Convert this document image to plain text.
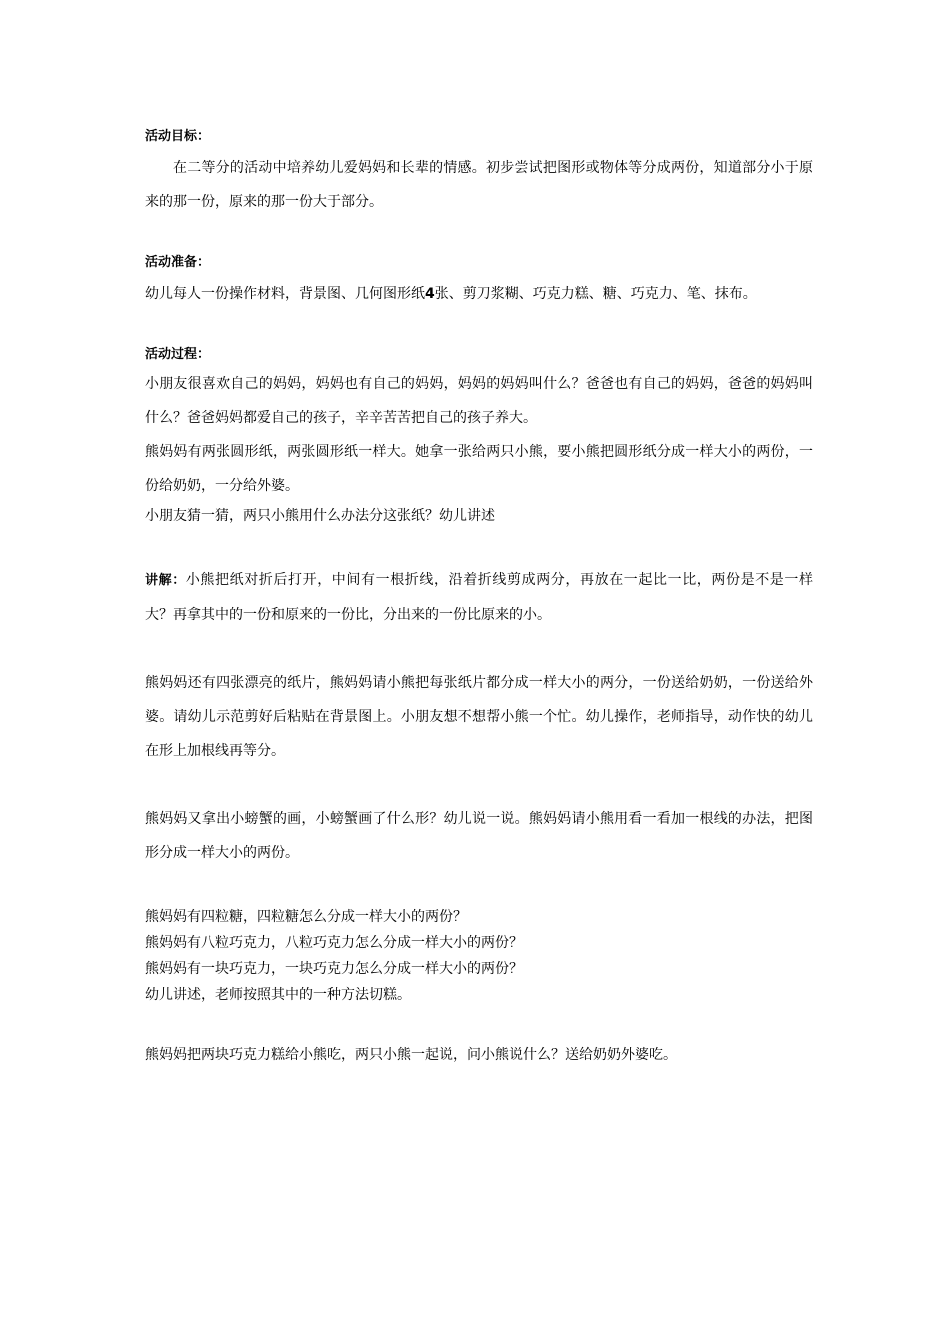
活动目标：

在二等分的活动中培养幼儿爱妈妈和长辈的情感。初步尝试把图形或物体等分成两份，知道部分小于原来的那一份，原来的那一份大于部分。

活动准备：

幼儿每人一份操作材料，背景图、几何图形纸4张、剪刀浆糊、巧克力糕、糖、巧克力、笔、抹布。

活动过程：

小朋友很喜欢自己的妈妈，妈妈也有自己的妈妈，妈妈的妈妈叫什么？爸爸也有自己的妈妈，爸爸的妈妈叫什么？爸爸妈妈都爱自己的孩子，辛辛苦苦把自己的孩子养大。

熊妈妈有两张圆形纸，两张圆形纸一样大。她拿一张给两只小熊，要小熊把圆形纸分成一样大小的两份，一份给奶奶，一分给外婆。

小朋友猜一猜，两只小熊用什么办法分这张纸？幼儿讲述

讲解：小熊把纸对折后打开，中间有一根折线，沿着折线剪成两分，再放在一起比一比，两份是不是一样大？再拿其中的一份和原来的一份比，分出来的一份比原来的小。

熊妈妈还有四张漂亮的纸片，熊妈妈请小熊把每张纸片都分成一样大小的两分，一份送给奶奶，一份送给外婆。请幼儿示范剪好后粘贴在背景图上。小朋友想不想帮小熊一个忙。幼儿操作，老师指导，动作快的幼儿在形上加根线再等分。

熊妈妈又拿出小螃蟹的画，小螃蟹画了什么形？幼儿说一说。熊妈妈请小熊用看一看加一根线的办法，把图形分成一样大小的两份。

熊妈妈有四粒糖，四粒糖怎么分成一样大小的两份？

熊妈妈有八粒巧克力，八粒巧克力怎么分成一样大小的两份？

熊妈妈有一块巧克力，一块巧克力怎么分成一样大小的两份？

幼儿讲述，老师按照其中的一种方法切糕。

熊妈妈把两块巧克力糕给小熊吃，两只小熊一起说，问小熊说什么？送给奶奶外婆吃。
